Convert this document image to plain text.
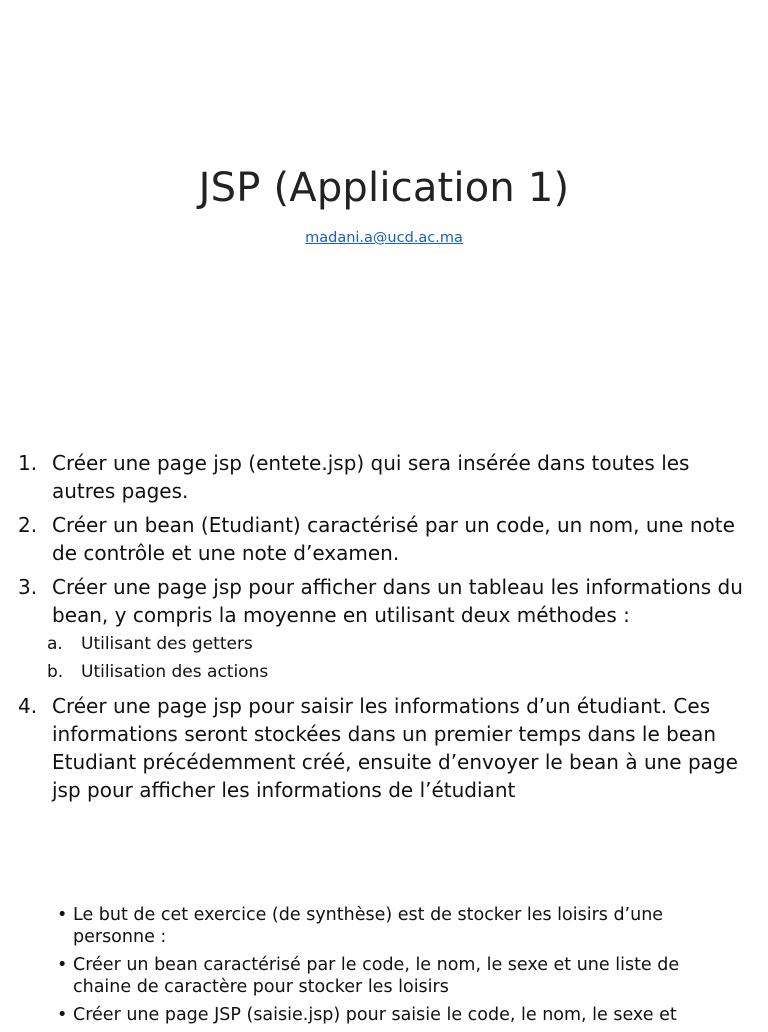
JSP (Application 1)
madani.a@ucd.ac.ma
1. Créer une page jsp (entete.jsp) qui sera insérée dans toutes les autres pages.
2. Créer un bean (Etudiant) caractérisé par un code, un nom, une note de contrôle et une note d’examen.
3. Créer une page jsp pour afficher dans un tableau les informations du bean, y compris la moyenne en utilisant deux méthodes :
a. Utilisant des getters
b. Utilisation des actions
4. Créer une page jsp pour saisir les informations d’un étudiant. Ces informations seront stockées dans un premier temps dans le bean Etudiant précédemment créé, ensuite d’envoyer le bean à une page jsp pour afficher les informations de l’étudiant
• Le but de cet exercice (de synthèse) est de stocker les loisirs d’une personne :
• Créer un bean caractérisé par le code, le nom, le sexe et une liste de chaine de caractère pour stocker les loisirs
• Créer une page JSP (saisie.jsp) pour saisie le code, le nom, le sexe et
